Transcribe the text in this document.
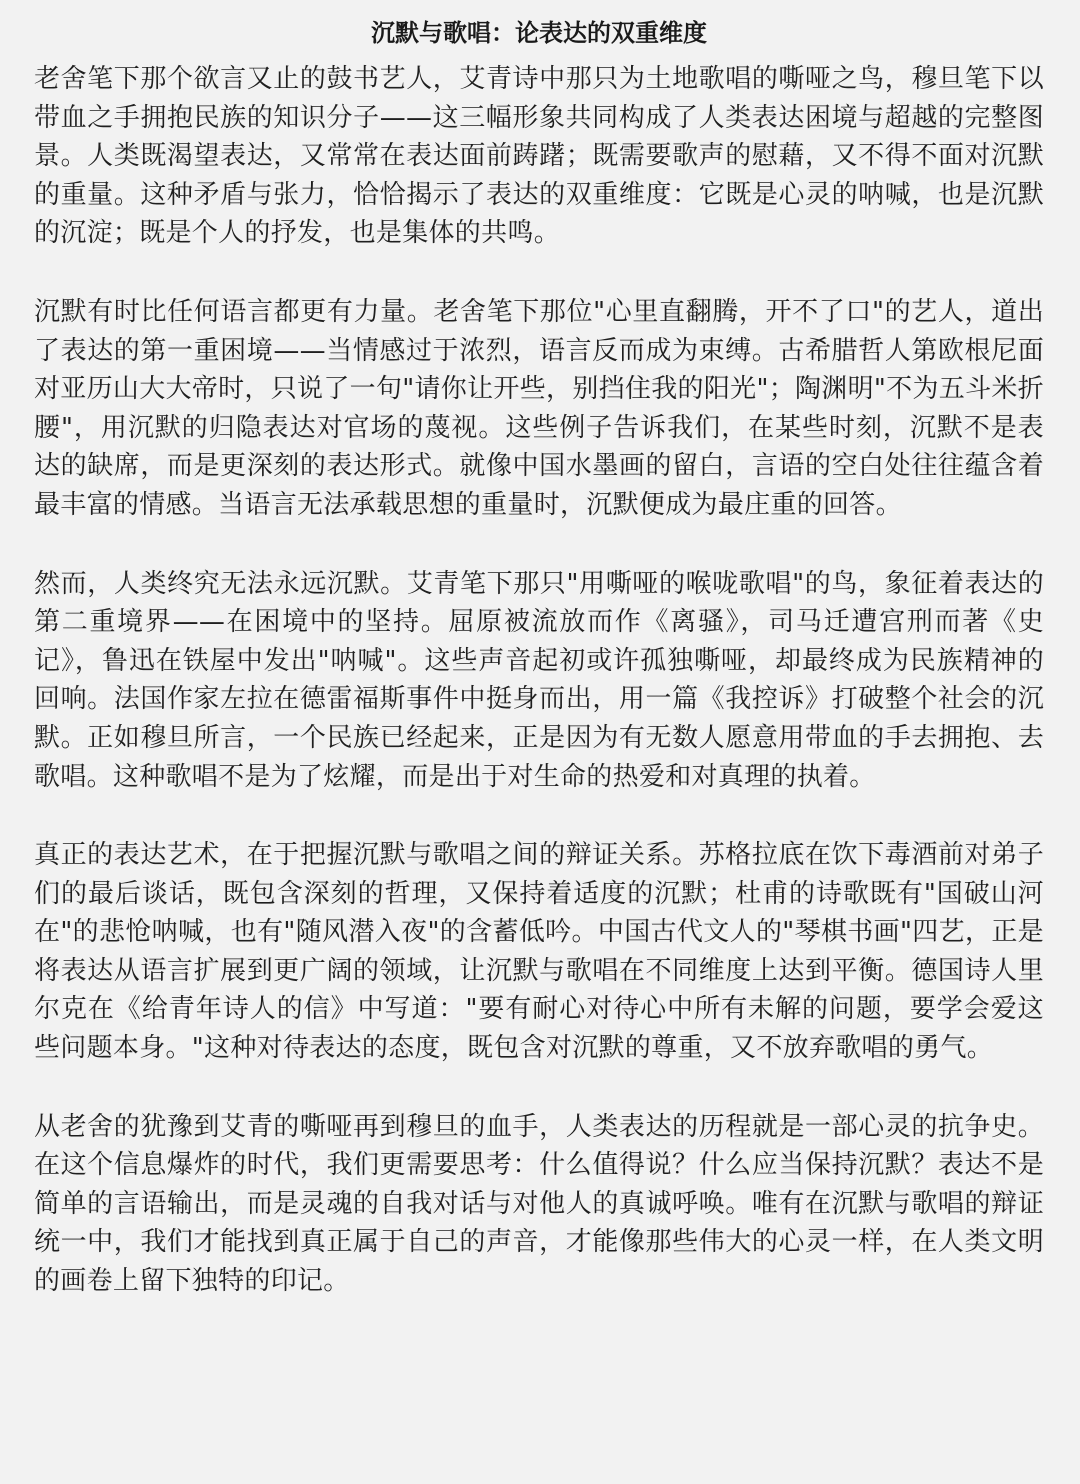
沉默与歌唱：论表达的双重维度

老舍笔下那个欲言又止的鼓书艺人，艾青诗中那只为土地歌唱的嘶哑之鸟，穆旦笔下以带血之手拥抱民族的知识分子——这三幅形象共同构成了人类表达困境与超越的完整图景。人类既渴望表达，又常常在表达面前踌躇；既需要歌声的慰藉，又不得不面对沉默的重量。这种矛盾与张力，恰恰揭示了表达的双重维度：它既是心灵的呐喊，也是沉默的沉淀；既是个人的抒发，也是集体的共鸣。

沉默有时比任何语言都更有力量。老舍笔下那位"心里直翻腾，开不了口"的艺人，道出了表达的第一重困境——当情感过于浓烈，语言反而成为束缚。古希腊哲人第欧根尼面对亚历山大大帝时，只说了一句"请你让开些，别挡住我的阳光"；陶渊明"不为五斗米折腰"，用沉默的归隐表达对官场的蔑视。这些例子告诉我们，在某些时刻，沉默不是表达的缺席，而是更深刻的表达形式。就像中国水墨画的留白，言语的空白处往往蕴含着最丰富的情感。当语言无法承载思想的重量时，沉默便成为最庄重的回答。

然而，人类终究无法永远沉默。艾青笔下那只"用嘶哑的喉咙歌唱"的鸟，象征着表达的第二重境界——在困境中的坚持。屈原被流放而作《离骚》，司马迁遭宫刑而著《史记》，鲁迅在铁屋中发出"呐喊"。这些声音起初或许孤独嘶哑，却最终成为民族精神的回响。法国作家左拉在德雷福斯事件中挺身而出，用一篇《我控诉》打破整个社会的沉默。正如穆旦所言，一个民族已经起来，正是因为有无数人愿意用带血的手去拥抱、去歌唱。这种歌唱不是为了炫耀，而是出于对生命的热爱和对真理的执着。

真正的表达艺术，在于把握沉默与歌唱之间的辩证关系。苏格拉底在饮下毒酒前对弟子们的最后谈话，既包含深刻的哲理，又保持着适度的沉默；杜甫的诗歌既有"国破山河在"的悲怆呐喊，也有"随风潜入夜"的含蓄低吟。中国古代文人的"琴棋书画"四艺，正是将表达从语言扩展到更广阔的领域，让沉默与歌唱在不同维度上达到平衡。德国诗人里尔克在《给青年诗人的信》中写道："要有耐心对待心中所有未解的问题，要学会爱这些问题本身。"这种对待表达的态度，既包含对沉默的尊重，又不放弃歌唱的勇气。

从老舍的犹豫到艾青的嘶哑再到穆旦的血手，人类表达的历程就是一部心灵的抗争史。在这个信息爆炸的时代，我们更需要思考：什么值得说？什么应当保持沉默？表达不是简单的言语输出，而是灵魂的自我对话与对他人的真诚呼唤。唯有在沉默与歌唱的辩证统一中，我们才能找到真正属于自己的声音，才能像那些伟大的心灵一样，在人类文明的画卷上留下独特的印记。
